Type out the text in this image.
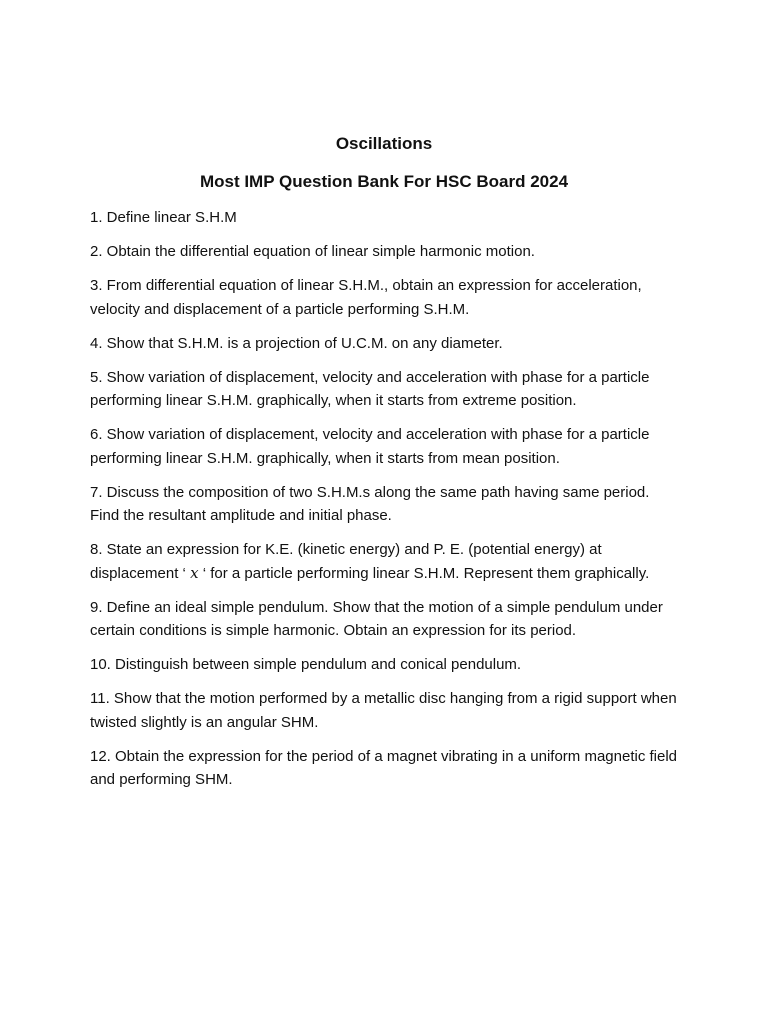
Oscillations
Most IMP Question Bank For HSC Board 2024
1. Define linear S.H.M
2. Obtain the differential equation of linear simple harmonic motion.
3. From differential equation of linear S.H.M., obtain an expression for acceleration, velocity and displacement of a particle performing S.H.M.
4. Show that S.H.M. is a projection of U.C.M. on any diameter.
5. Show variation of displacement, velocity and acceleration with phase for a particle performing linear S.H.M. graphically, when it starts from extreme position.
6. Show variation of displacement, velocity and acceleration with phase for a particle performing linear S.H.M. graphically, when it starts from mean position.
7. Discuss the composition of two S.H.M.s along the same path having same period. Find the resultant amplitude and initial phase.
8. State an expression for K.E. (kinetic energy) and P. E. (potential energy) at displacement ‘ x ‘ for a particle performing linear S.H.M. Represent them graphically.
9. Define an ideal simple pendulum. Show that the motion of a simple pendulum under certain conditions is simple harmonic. Obtain an expression for its period.
10. Distinguish between simple pendulum and conical pendulum.
11. Show that the motion performed by a metallic disc hanging from a rigid support when twisted slightly is an angular SHM.
12. Obtain the expression for the period of a magnet vibrating in a uniform magnetic field and performing SHM.
